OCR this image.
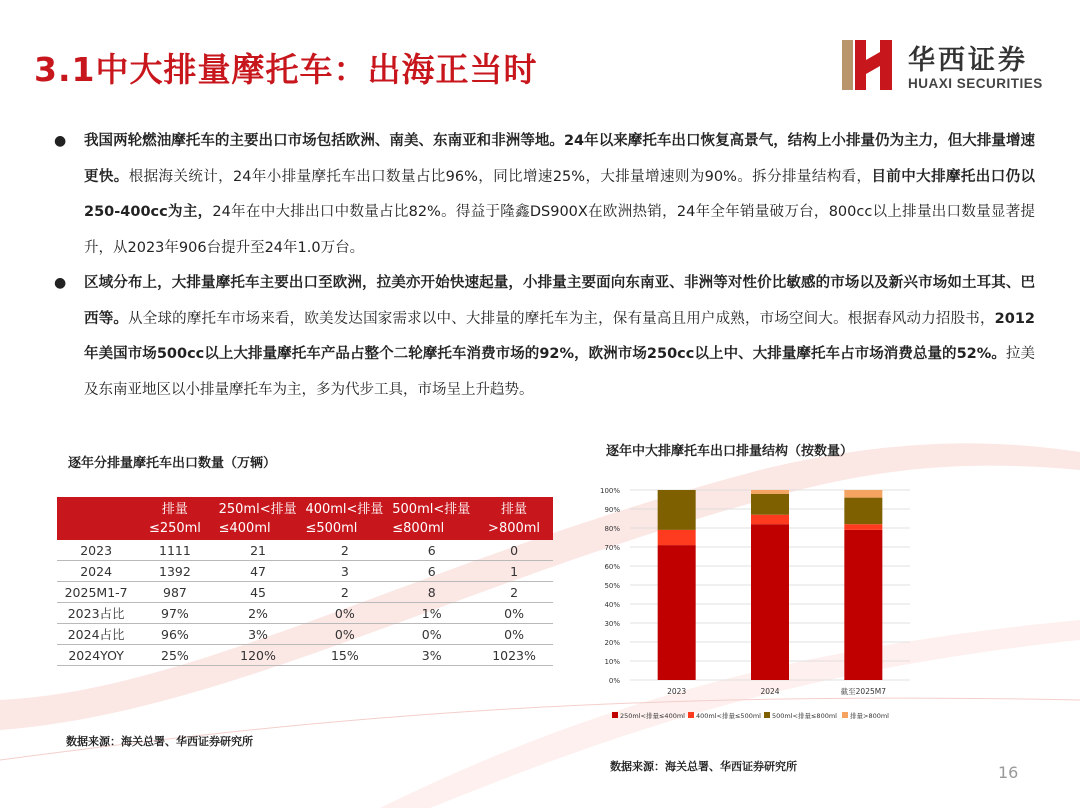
3.1中大排量摩托车：出海正当时	华西证券
HUAXI SECURITIES
● 我国两轮燃油摩托车的主要出口市场包括欧洲、南美、东南亚和非洲等地。24年以来摩托车出口恢复高景气，结构上小排量仍为主力，但大排量增速更快。根据海关统计，24年小排量摩托车出口数量占比96%，同比增速25%，大排量增速则为90%。拆分排量结构看，目前中大排摩托出口仍以250-400cc为主，24年在中大排出口中数量占比82%。得益于隆鑫DS900X在欧洲热销，24年全年销量破万台，800cc以上排量出口数量显著提升，从2023年906台提升至24年1.0万台。
● 区域分布上，大排量摩托车主要出口至欧洲，拉美亦开始快速起量，小排量主要面向东南亚、非洲等对性价比敏感的市场以及新兴市场如土耳其、巴西等。从全球的摩托车市场来看，欧美发达国家需求以中、大排量的摩托车为主，保有量高且用户成熟，市场空间大。根据春风动力招股书，2012年美国市场500cc以上大排量摩托车产品占整个二轮摩托车消费市场的92%，欧洲市场250cc以上中、大排量摩托车占市场消费总量的52%。拉美及东南亚地区以小排量摩托车为主，多为代步工具，市场呈上升趋势。
逐年分排量摩托车出口数量（万辆）
	排量≤250ml	250ml<排量≤400ml	400ml<排量≤500ml	500ml<排量≤800ml	排量>800ml
2023	1111	21	2	6	0
2024	1392	47	3	6	1
2025M1-7	987	45	2	8	2
2023占比	97%	2%	0%	1%	0%
2024占比	96%	3%	0%	0%	0%
2024YOY	25%	120%	15%	3%	1023%
数据来源：海关总署、华西证券研究所
逐年中大排摩托车出口排量结构（按数量）
0%
10%
20%
30%
40%
50%
60%
70%
80%
90%
100%
2023	2024	截至2025M7
250ml<排量≤400ml 400ml<排量≤500ml 500ml<排量≤800ml 排量>800ml
数据来源：海关总署、华西证券研究所	16
